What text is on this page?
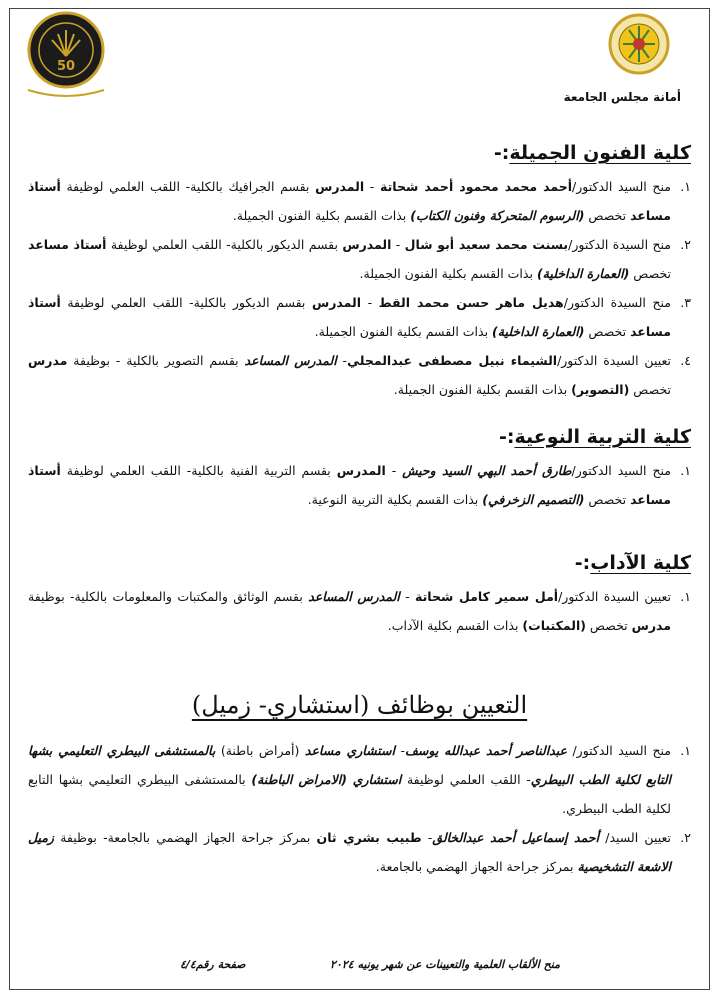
أمانة مجلس الجامعة
50
كلية الفنون الجميلة:-

١.
منح السيد الدكتور/أحمد محمد محمود أحمد شحاتة - المدرس بقسم الجرافيك بالكلية- اللقب العلمي لوظيفة أستاذ مساعد تخصص (الرسوم المتحركة وفنون الكتاب) بذات القسم بكلية الفنون الجميلة.

٢.
منح السيدة الدكتور/بسنت محمد سعيد أبو شال - المدرس بقسم الديكور بالكلية- اللقب العلمي لوظيفة أستاذ مساعد تخصص (العمارة الداخلية) بذات القسم بكلية الفنون الجميلة.

٣.
منح السيدة الدكتور/هديل ماهر حسن محمد القط - المدرس بقسم الديكور بالكلية- اللقب العلمي لوظيفة أستاذ مساعد تخصص (العمارة الداخلية) بذات القسم بكلية الفنون الجميلة.

٤.
تعيين السيدة الدكتور/الشيماء نبيل مصطفى عبدالمجلي- المدرس المساعد بقسم التصوير بالكلية - بوظيفة مدرس تخصص (التصوير) بذات القسم بكلية الفنون الجميلة.

كلية التربية النوعية:-

١.
منح السيد الدكتور/طارق أحمد البهي السيد وحيش - المدرس بقسم التربية الفنية بالكلية- اللقب العلمي لوظيفة أستاذ مساعد تخصص (التصميم الزخرفي) بذات القسم بكلية التربية النوعية.

كلية الآداب:-

١.
تعيين السيدة الدكتور/أمل سمير كامل شحاتة - المدرس المساعد بقسم الوثائق والمكتبات والمعلومات بالكلية- بوظيفة مدرس تخصص (المكتبات) بذات القسم بكلية الآداب.

التعيين بوظائف (استشاري- زميل)

١.
منح السيد الدكتور/ عبدالناصر أحمد عبدالله يوسف- استشاري مساعد (أمراض باطنة) بالمستشفى البيطري التعليمي بشها التابع لكلية الطب البيطري- اللقب العلمي لوظيفة استشاري (الامراض الباطنة) بالمستشفى البيطري التعليمي بشها التابع لكلية الطب البيطري.

٢.
تعيين السيد/ أحمد إسماعيل أحمد عبدالخالق- طبيب بشري ثان بمركز جراحة الجهاز الهضمي بالجامعة- بوظيفة زميل الاشعة التشخيصية بمركز جراحة الجهاز الهضمي بالجامعة.

منح الألقاب العلمية والتعيينات عن شهر يونيه ٢٠٢٤
صفحة رقم٤/٤
